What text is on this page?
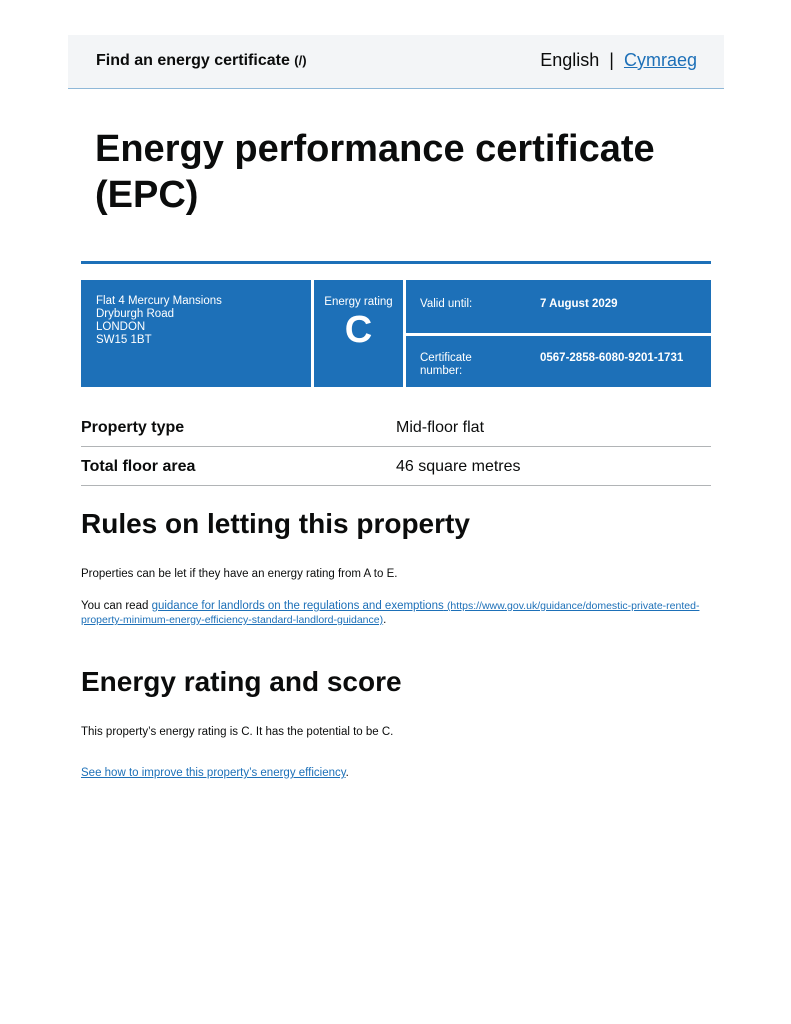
Find an energy certificate (/)	English | Cymraeg
Energy performance certificate (EPC)
Flat 4 Mercury Mansions
Dryburgh Road
LONDON
SW15 1BT
Energy rating
C
Valid until:	7 August 2029
Certificate number:
0567-2858-6080-9201-1731
Property type	Mid-floor flat
Total floor area	46 square metres
Rules on letting this property

Properties can be let if they have an energy rating from A to E.

You can read guidance for landlords on the regulations and exemptions (https://www.gov.uk/guidance/domestic-private-rented-property-minimum-energy-efficiency-standard-landlord-guidance).

Energy rating and score

This property’s energy rating is C. It has the potential to be C.

See how to improve this property’s energy efficiency.
